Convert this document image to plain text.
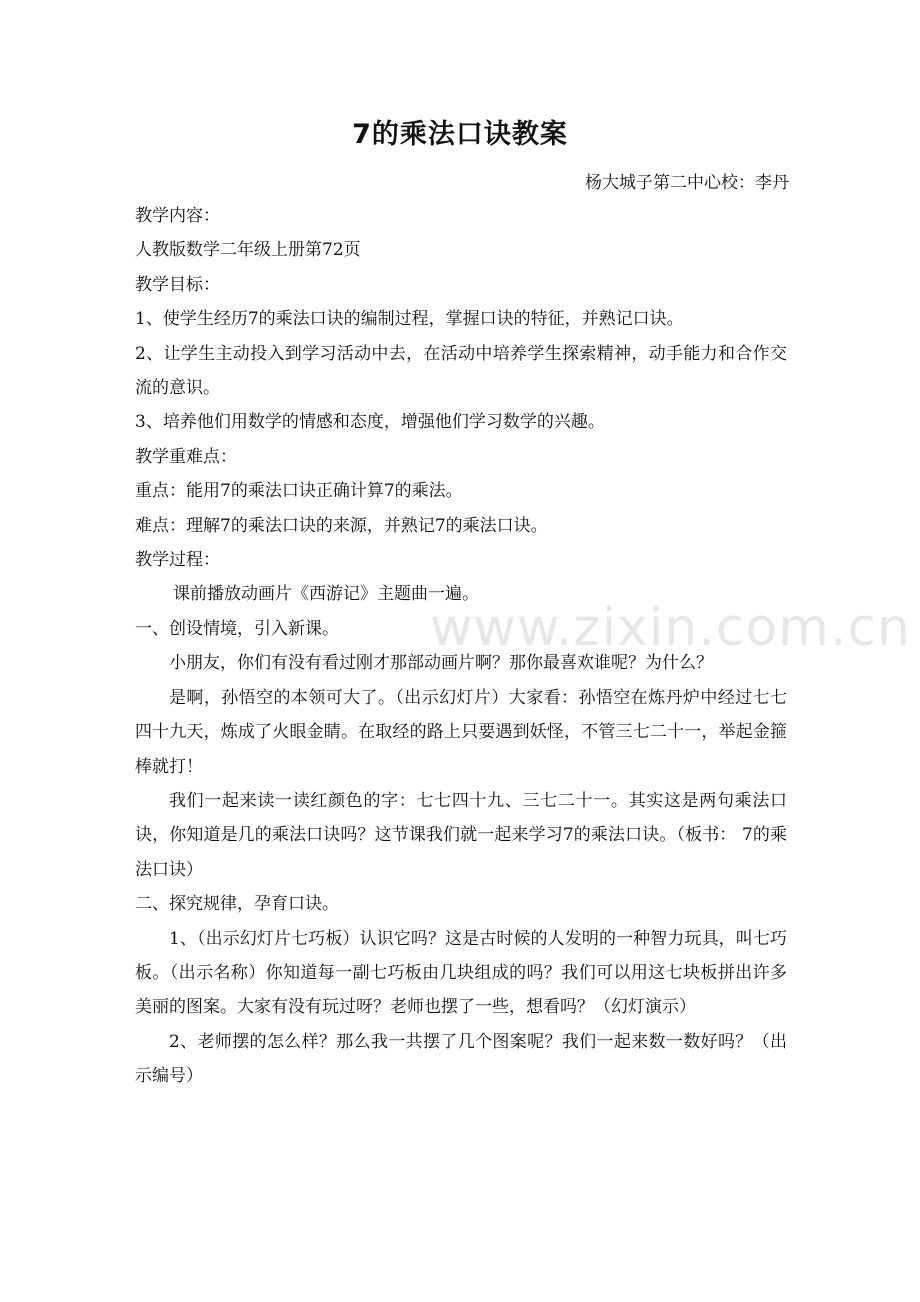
7的乘法口诀教案

杨大城子第二中心校：李丹

教学内容：

人教版数学二年级上册第72页

教学目标：

1、使学生经历7的乘法口诀的编制过程，掌握口诀的特征，并熟记口诀。

2、让学生主动投入到学习活动中去，在活动中培养学生探索精神，动手能力和合作交流的意识。

3、培养他们用数学的情感和态度，增强他们学习数学的兴趣。

教学重难点：

重点：能用7的乘法口诀正确计算7的乘法。

难点：理解7的乘法口诀的来源，并熟记7的乘法口诀。

教学过程：

课前播放动画片《西游记》主题曲一遍。

一、创设情境，引入新课。

小朋友，你们有没有看过刚才那部动画片啊？那你最喜欢谁呢？为什么？

是啊，孙悟空的本领可大了。（出示幻灯片）大家看：孙悟空在炼丹炉中经过七七四十九天，炼成了火眼金睛。在取经的路上只要遇到妖怪，不管三七二十一，举起金箍棒就打！

我们一起来读一读红颜色的字：七七四十九、三七二十一。其实这是两句乘法口诀，你知道是几的乘法口诀吗？这节课我们就一起来学习7的乘法口诀。（板书： 7的乘法口诀）

二、探究规律，孕育口诀。

1、（出示幻灯片七巧板）认识它吗？这是古时候的人发明的一种智力玩具，叫七巧板。（出示名称）你知道每一副七巧板由几块组成的吗？我们可以用这七块板拼出许多美丽的图案。大家有没有玩过呀？老师也摆了一些，想看吗？（幻灯演示）

2、老师摆的怎么样？那么我一共摆了几个图案呢？我们一起来数一数好吗？（出示编号）

www.zixin.com.cn
